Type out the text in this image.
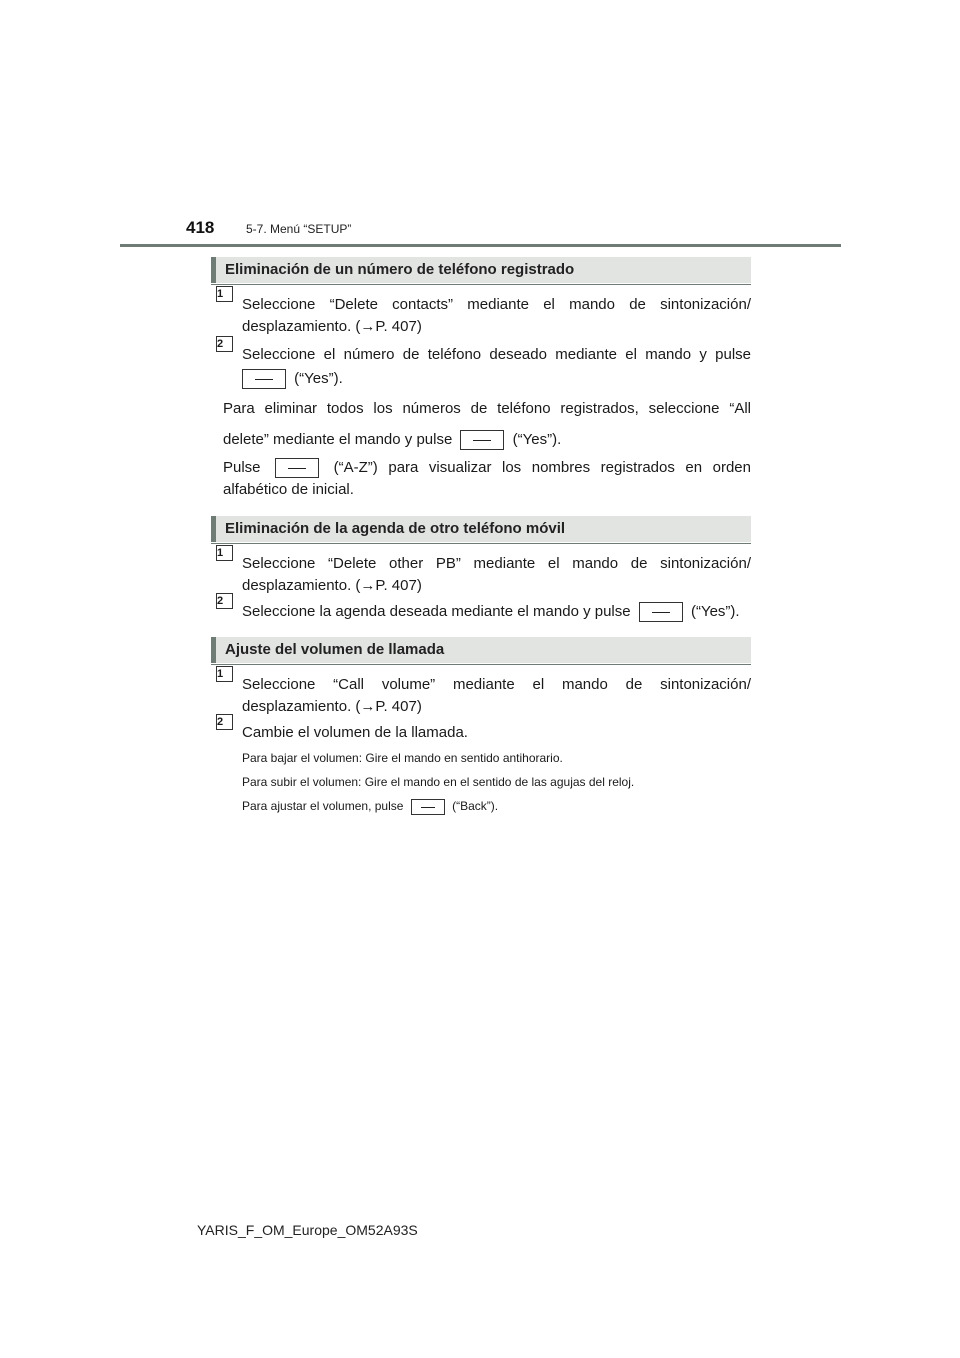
418	5-7. Menú “SETUP”
Eliminación de un número de teléfono registrado
1
Seleccione “Delete contacts” mediante el mando de sintonización/ desplazamiento. (→P. 407)
2
Seleccione el número de teléfono deseado mediante el mando y pulse
(“Yes”).
Para eliminar todos los números de teléfono registrados, seleccione “All
delete” mediante el mando y pulse	(“Yes”).
Pulse	(“A-Z”) para visualizar los nombres registrados en orden alfabético de inicial.
Eliminación de la agenda de otro teléfono móvil
1
Seleccione “Delete other PB” mediante el mando de sintonización/ desplazamiento. (→P. 407)
2
Seleccione la agenda deseada mediante el mando y pulse	(“Yes”).
Ajuste del volumen de llamada
1
Seleccione “Call volume” mediante el mando de sintonización/ desplazamiento. (→P. 407)
2
Cambie el volumen de la llamada.
Para bajar el volumen: Gire el mando en sentido antihorario.
Para subir el volumen: Gire el mando en el sentido de las agujas del reloj.
Para ajustar el volumen, pulse	(“Back”).
YARIS_F_OM_Europe_OM52A93S
